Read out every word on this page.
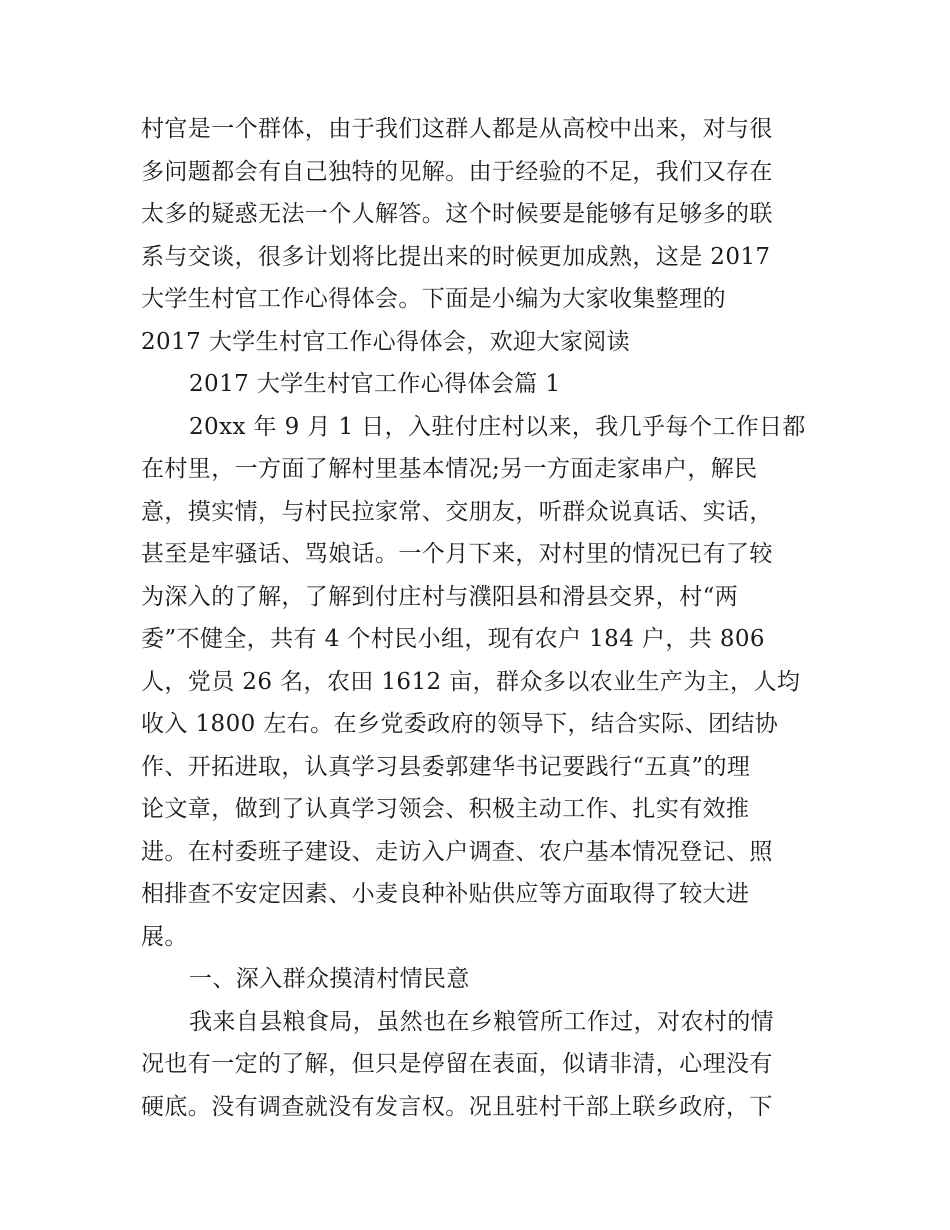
村官是一个群体，由于我们这群人都是从高校中出来，对与很
多问题都会有自己独特的见解。由于经验的不足，我们又存在
太多的疑惑无法一个人解答。这个时候要是能够有足够多的联
系与交谈，很多计划将比提出来的时候更加成熟，这是 2017
大学生村官工作心得体会。下面是小编为大家收集整理的
2017 大学生村官工作心得体会，欢迎大家阅读
2017 大学生村官工作心得体会篇 1
20xx 年 9 月 1 日，入驻付庄村以来，我几乎每个工作日都
在村里，一方面了解村里基本情况;另一方面走家串户，解民
意，摸实情，与村民拉家常、交朋友，听群众说真话、实话，
甚至是牢骚话、骂娘话。一个月下来，对村里的情况已有了较
为深入的了解，了解到付庄村与濮阳县和滑县交界，村“两
委”不健全，共有 4 个村民小组，现有农户 184 户，共 806
人，党员 26 名，农田 1612 亩，群众多以农业生产为主，人均
收入 1800 左右。在乡党委政府的领导下，结合实际、团结协
作、开拓进取，认真学习县委郭建华书记要践行“五真”的理
论文章，做到了认真学习领会、积极主动工作、扎实有效推
进。在村委班子建设、走访入户调查、农户基本情况登记、照
相排查不安定因素、小麦良种补贴供应等方面取得了较大进
展。
一、深入群众摸清村情民意
我来自县粮食局，虽然也在乡粮管所工作过，对农村的情
况也有一定的了解，但只是停留在表面，似请非清，心理没有
硬底。没有调查就没有发言权。况且驻村干部上联乡政府，下
